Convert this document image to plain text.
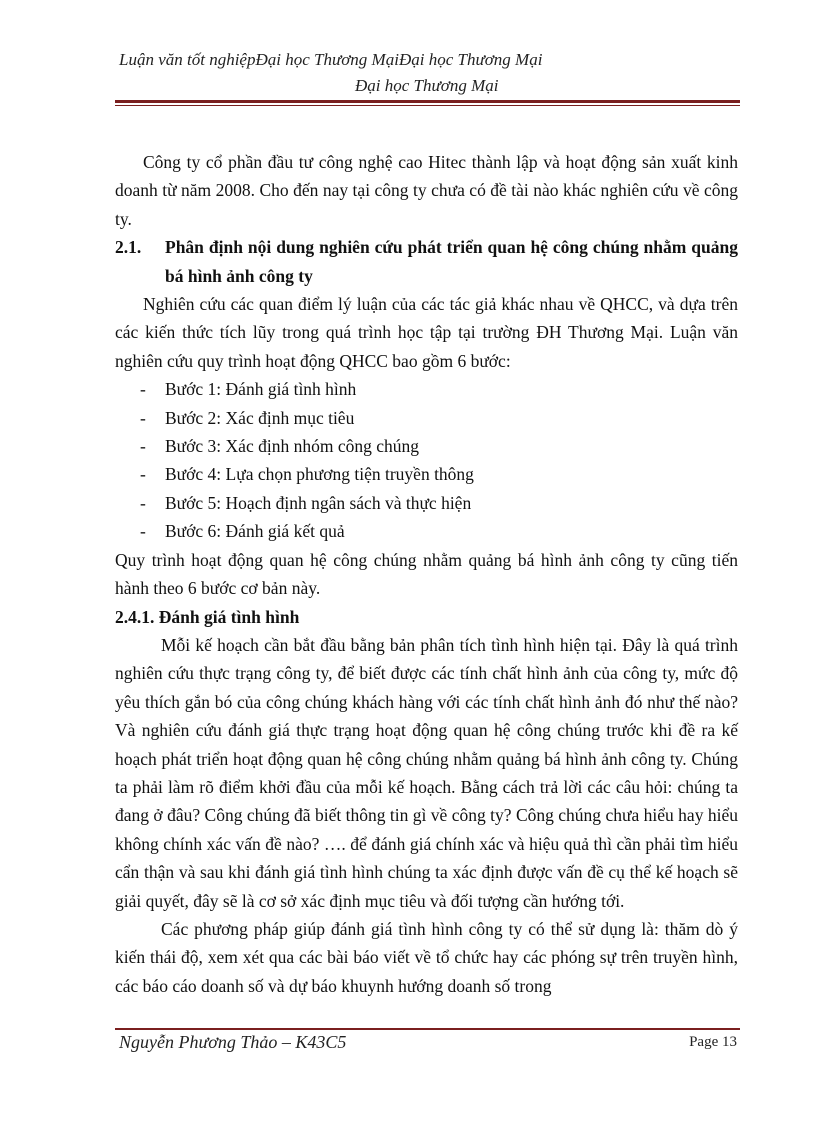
Luận văn tốt nghiệpĐại học Thương MạiĐại học Thương Mại
Đại học Thương Mại

Công ty cổ phần đầu tư công nghệ cao Hitec thành lập và hoạt động sản xuất kinh doanh từ năm 2008. Cho đến nay tại công ty chưa có đề tài nào khác nghiên cứu về công ty.

2.1.	Phân định nội dung nghiên cứu phát triển quan hệ công chúng nhằm quảng bá hình ảnh công ty

Nghiên cứu các quan điểm lý luận của các tác giả khác nhau về QHCC, và dựa trên các kiến thức tích lũy trong quá trình học tập tại trường ĐH Thương Mại. Luận văn nghiên cứu quy trình hoạt động QHCC bao gồm 6 bước:

-	Bước 1: Đánh giá tình hình
-	Bước 2: Xác định mục tiêu
-	Bước 3: Xác định nhóm công chúng
-	Bước 4: Lựa chọn phương tiện truyền thông
-	Bước 5: Hoạch định ngân sách và thực hiện
-	Bước 6: Đánh giá kết quả

Quy trình hoạt động quan hệ công chúng nhằm quảng bá hình ảnh công ty cũng tiến hành theo 6 bước cơ bản này.

2.4.1. Đánh giá tình hình

Mỗi kế hoạch cần bắt đầu bằng bản phân tích tình hình hiện tại. Đây là quá trình nghiên cứu thực trạng công ty, để biết được các tính chất hình ảnh của công ty, mức độ yêu thích gắn bó của công chúng khách hàng với các tính chất hình ảnh đó như thế nào? Và nghiên cứu đánh giá thực trạng hoạt động quan hệ công chúng trước khi đề ra kế hoạch phát triển hoạt động quan hệ công chúng nhằm quảng bá hình ảnh công ty. Chúng ta phải làm rõ điểm khởi đầu của mỗi kế hoạch. Bằng cách trả lời các câu hỏi: chúng ta đang ở đâu? Công chúng đã biết thông tin gì về công ty? Công chúng chưa hiểu hay hiểu không chính xác vấn đề nào? …. để đánh giá chính xác và hiệu quả thì cần phải tìm hiểu cẩn thận và sau khi đánh giá tình hình chúng ta xác định được vấn đề cụ thể kế hoạch sẽ giải quyết, đây sẽ là cơ sở xác định mục tiêu và đối tượng cần hướng tới.

Các phương pháp giúp đánh giá tình hình công ty có thể sử dụng là: thăm dò ý kiến thái độ, xem xét qua các bài báo viết về tổ chức hay các phóng sự trên truyền hình, các báo cáo doanh số và dự báo khuynh hướng doanh số trong

Nguyễn Phương Thảo – K43C5	Page 13
